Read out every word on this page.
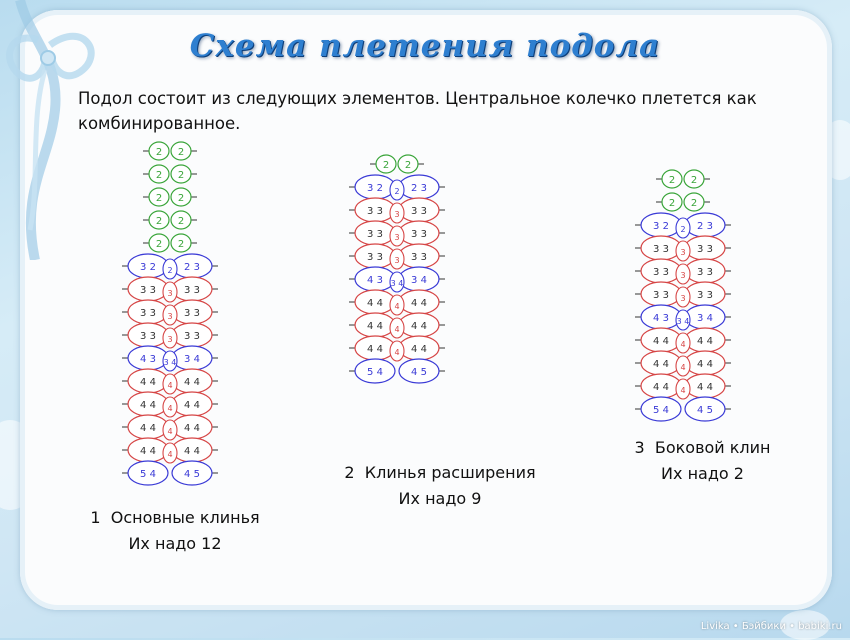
Схема плетения подола
Подол состоит из следующих элементов. Центральное колечко плетется как комбинированное.
2 2
2 2
2 2
2 2
2 2
3 2	2 3
2
3 3	3 3
3
3 3	3 3
3
3 3	3 3
3
4 3	3 4
3 4
4 4	4 4
4
4 4	4 4
4
4 4	4 4
4
4 4	4 4
4
5 4	4 5
2 2
3 2	2 3
2
3 3	3 3
3
3 3	3 3
3
3 3	3 3
3
4 3	3 4
3 4
4 4	4 4
4
4 4	4 4
4
4 4	4 4
4
5 4	4 5
2 2
2 2
3 2	2 3
2
3 3	3 3
3
3 3	3 3
3
3 3	3 3
3
4 3	3 4
3 4
4 4	4 4
4
4 4	4 4
4
4 4	4 4
4
5 4	4 5
1 Основные клинья
Их надо 12
2 Клинья расширения
Их надо 9
3 Боковой клин
Их надо 2
Livika • Бэйбики • babiki.ru
